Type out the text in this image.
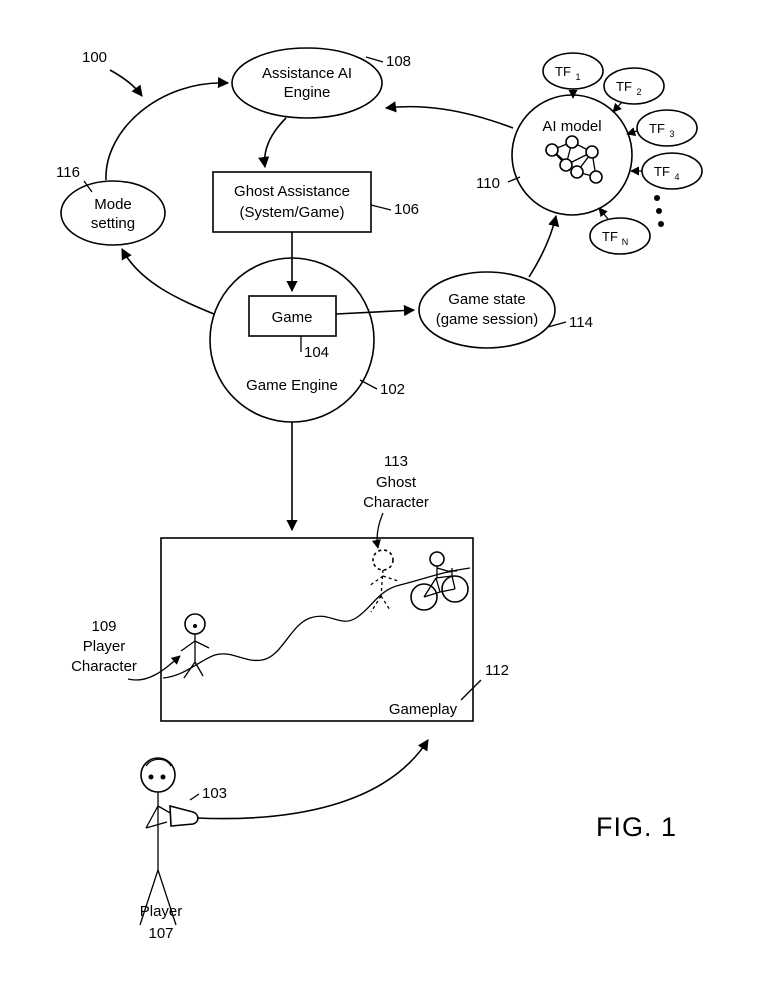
100
Assistance AI
Engine
108
Mode
setting
116
Ghost Assistance
(System/Game)	106
Game Engine	102
Game
104
Game state
(game session) 114
AI model
110
TF 1
TF 2
TF 3
TF 4
TF N
Gameplay
112
113
Ghost
Character
109
Player
Character
103
Player
107
FIG. 1
